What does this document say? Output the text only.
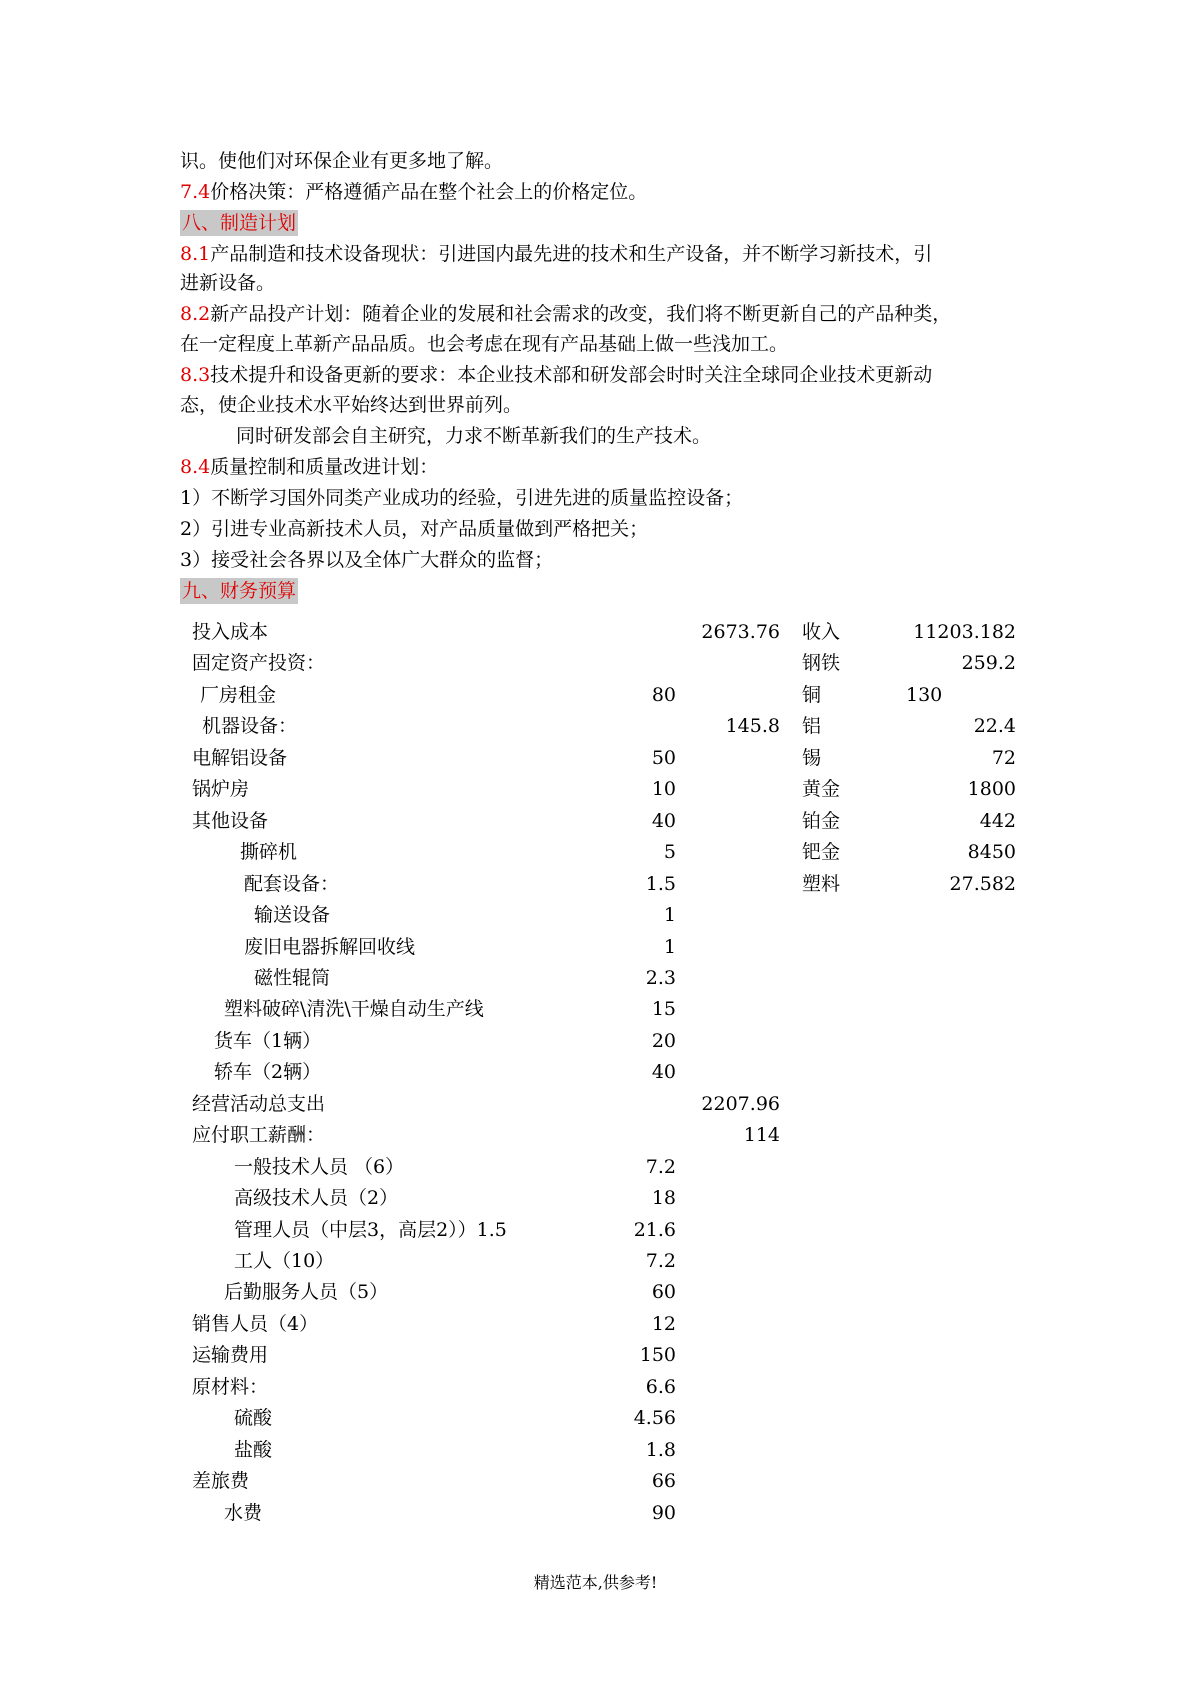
识。使他们对环保企业有更多地了解。
7.4价格决策：严格遵循产品在整个社会上的价格定位。
八、制造计划
8.1产品制造和技术设备现状：引进国内最先进的技术和生产设备，并不断学习新技术，引
进新设备。
8.2新产品投产计划：随着企业的发展和社会需求的改变，我们将不断更新自己的产品种类，
在一定程度上革新产品品质。也会考虑在现有产品基础上做一些浅加工。
8.3技术提升和设备更新的要求：本企业技术部和研发部会时时关注全球同企业技术更新动
态，使企业技术水平始终达到世界前列。
同时研发部会自主研究，力求不断革新我们的生产技术。
8.4质量控制和质量改进计划：
1）不断学习国外同类产业成功的经验，引进先进的质量监控设备；
2）引进专业高新技术人员，对产品质量做到严格把关；
3）接受社会各界以及全体广大群众的监督；
九、财务预算
投入成本	2673.76 收入	11203.182
固定资产投资：	钢铁	259.2
厂房租金	80	铜	130
机器设备：	145.8 铝	22.4
电解铝设备	50	锡	72
锅炉房	10	黄金	1800
其他设备	40	铂金	442
撕碎机	5	钯金	8450
配套设备：	1.5	塑料	27.582
输送设备	1
废旧电器拆解回收线	1
磁性辊筒	2.3
塑料破碎\清洗\干燥自动生产线	15
货车（1辆）	20
轿车（2辆）	40
经营活动总支出	2207.96
应付职工薪酬：	114
一般技术人员 （6）	7.2
高级技术人员（2）	18
管理人员（中层3，高层2））1.5	21.6
工人（10）	7.2
后勤服务人员（5）	60
销售人员（4）	12
运输费用	150
原材料：	6.6
硫酸	4.56
盐酸	1.8
差旅费	66
水费	90
精选范本,供参考!
